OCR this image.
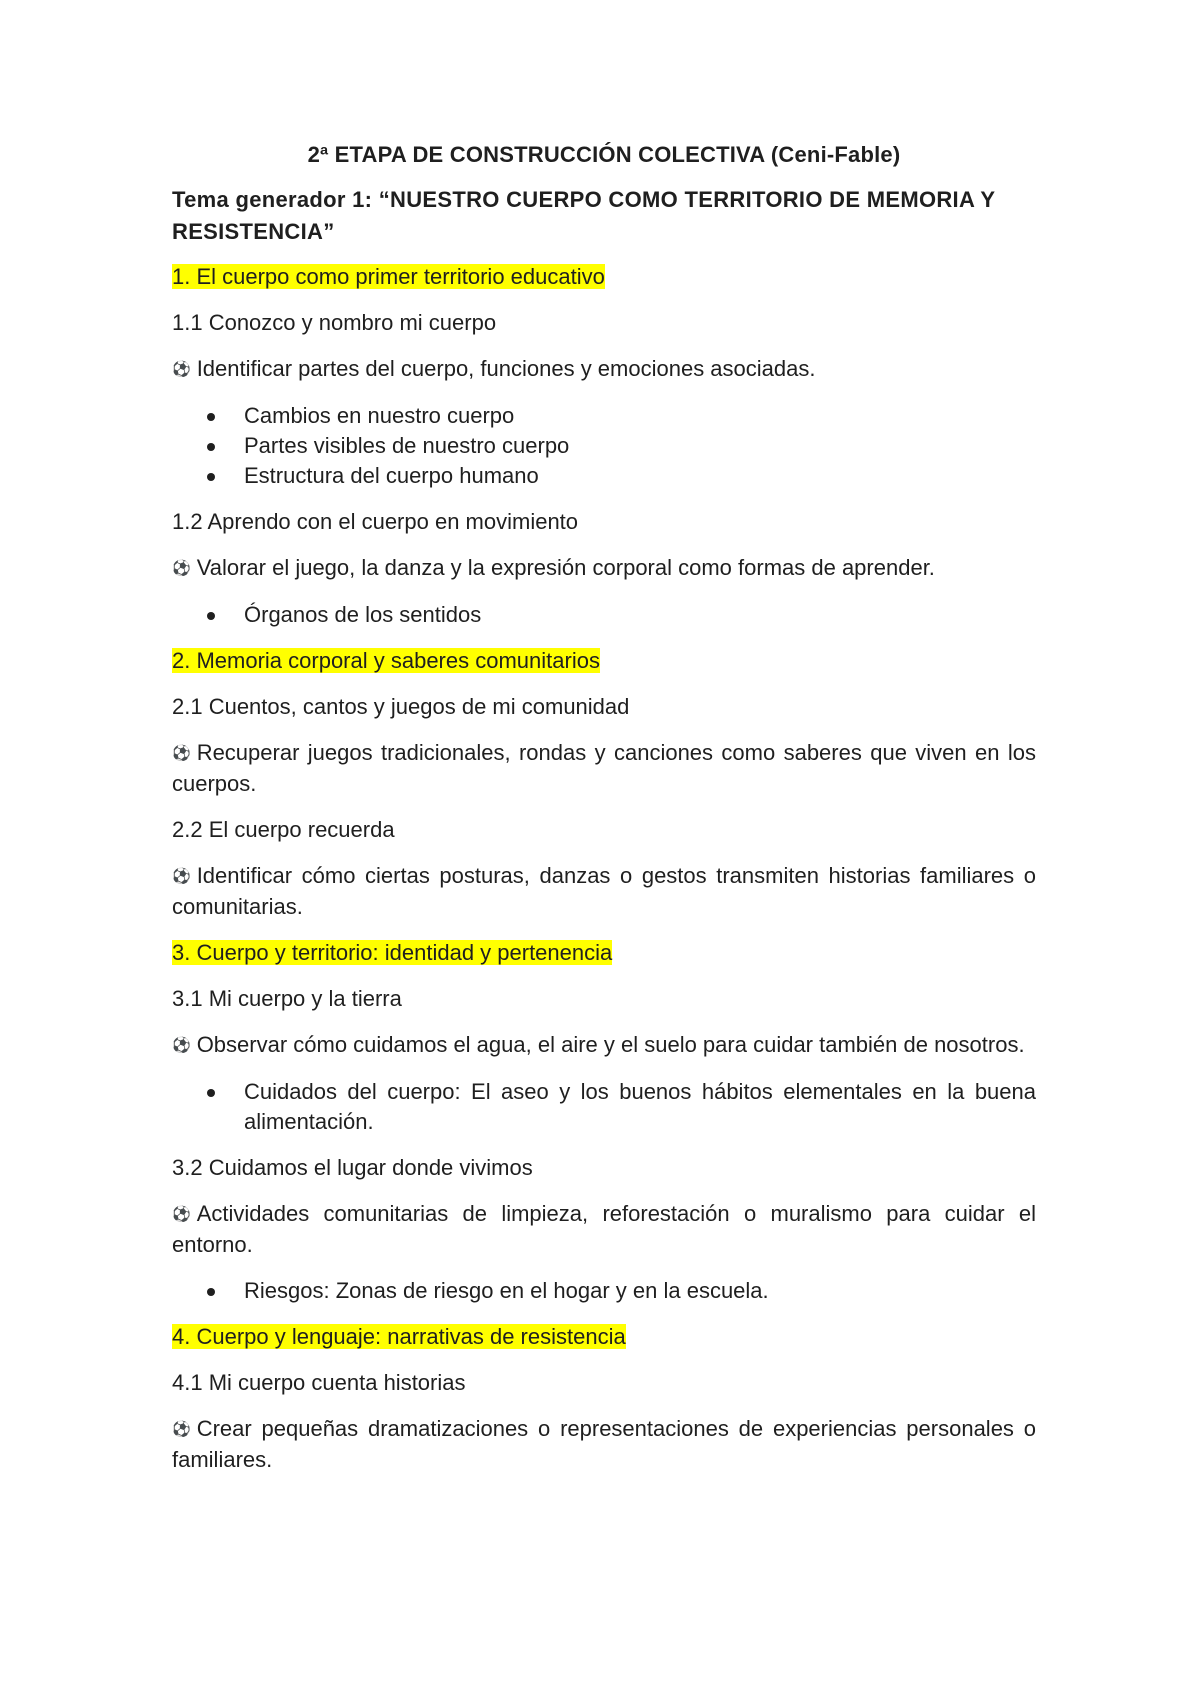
2ª ETAPA DE CONSTRUCCIÓN COLECTIVA (Ceni-Fable)
Tema generador 1: “NUESTRO CUERPO COMO TERRITORIO DE MEMORIA Y RESISTENCIA”

1. El cuerpo como primer territorio educativo

1.1 Conozco y nombro mi cuerpo

⚽ Identificar partes del cuerpo, funciones y emociones asociadas.

Cambios en nuestro cuerpo
Partes visibles de nuestro cuerpo
Estructura del cuerpo humano

1.2 Aprendo con el cuerpo en movimiento

⚽ Valorar el juego, la danza y la expresión corporal como formas de aprender.

Órganos de los sentidos

2. Memoria corporal y saberes comunitarios

2.1 Cuentos, cantos y juegos de mi comunidad

⚽ Recuperar juegos tradicionales, rondas y canciones como saberes que viven en los cuerpos.

2.2 El cuerpo recuerda

⚽ Identificar cómo ciertas posturas, danzas o gestos transmiten historias familiares o comunitarias.

3. Cuerpo y territorio: identidad y pertenencia

3.1 Mi cuerpo y la tierra

⚽ Observar cómo cuidamos el agua, el aire y el suelo para cuidar también de nosotros.

Cuidados del cuerpo: El aseo y los buenos hábitos elementales en la buena alimentación.

3.2 Cuidamos el lugar donde vivimos

⚽ Actividades comunitarias de limpieza, reforestación o muralismo para cuidar el entorno.

Riesgos: Zonas de riesgo en el hogar y en la escuela.

4. Cuerpo y lenguaje: narrativas de resistencia

4.1 Mi cuerpo cuenta historias

⚽ Crear pequeñas dramatizaciones o representaciones de experiencias personales o familiares.
